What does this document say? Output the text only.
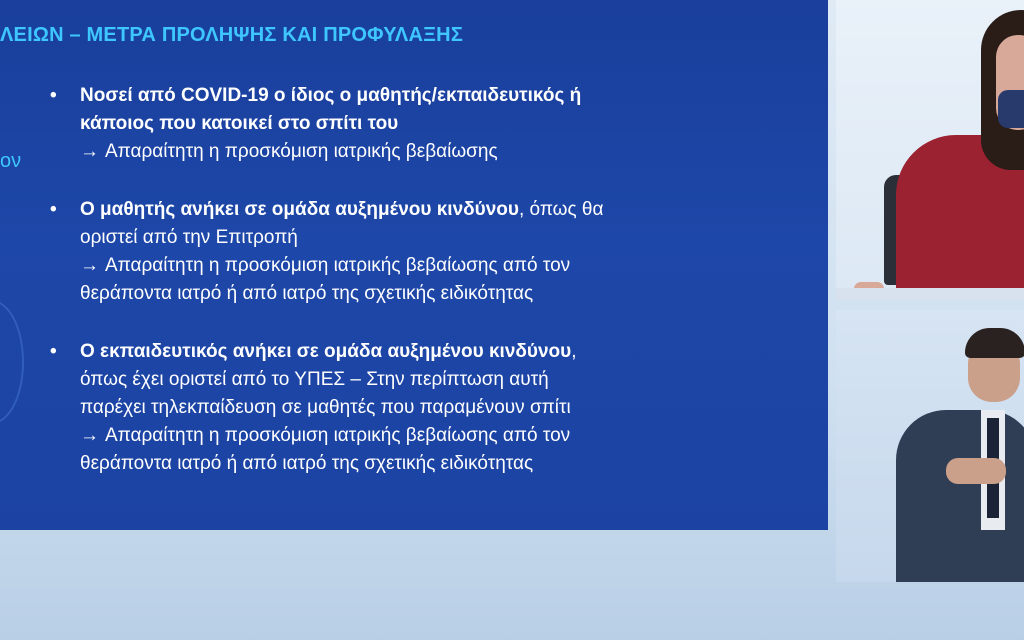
ΛΕΙΩΝ – ΜΕΤΡΑ ΠΡΟΛΗΨΗΣ ΚΑΙ ΠΡΟΦΥΛΑΞΗΣ
ον
• Νοσεί από COVID-19 ο ίδιος ο μαθητής/εκπαιδευτικός ή
κάποιος που κατοικεί στο σπίτι του
→ Απαραίτητη η προσκόμιση ιατρικής βεβαίωσης
• Ο μαθητής ανήκει σε ομάδα αυξημένου κινδύνου, όπως θα
οριστεί από την Επιτροπή
→ Απαραίτητη η προσκόμιση ιατρικής βεβαίωσης από τον
θεράποντα ιατρό ή από ιατρό της σχετικής ειδικότητας
• Ο εκπαιδευτικός ανήκει σε ομάδα αυξημένου κινδύνου,
όπως έχει οριστεί από το ΥΠΕΣ – Στην περίπτωση αυτή
παρέχει τηλεκπαίδευση σε μαθητές που παραμένουν σπίτι
→ Απαραίτητη η προσκόμιση ιατρικής βεβαίωσης από τον
θεράποντα ιατρό ή από ιατρό της σχετικής ειδικότητας
